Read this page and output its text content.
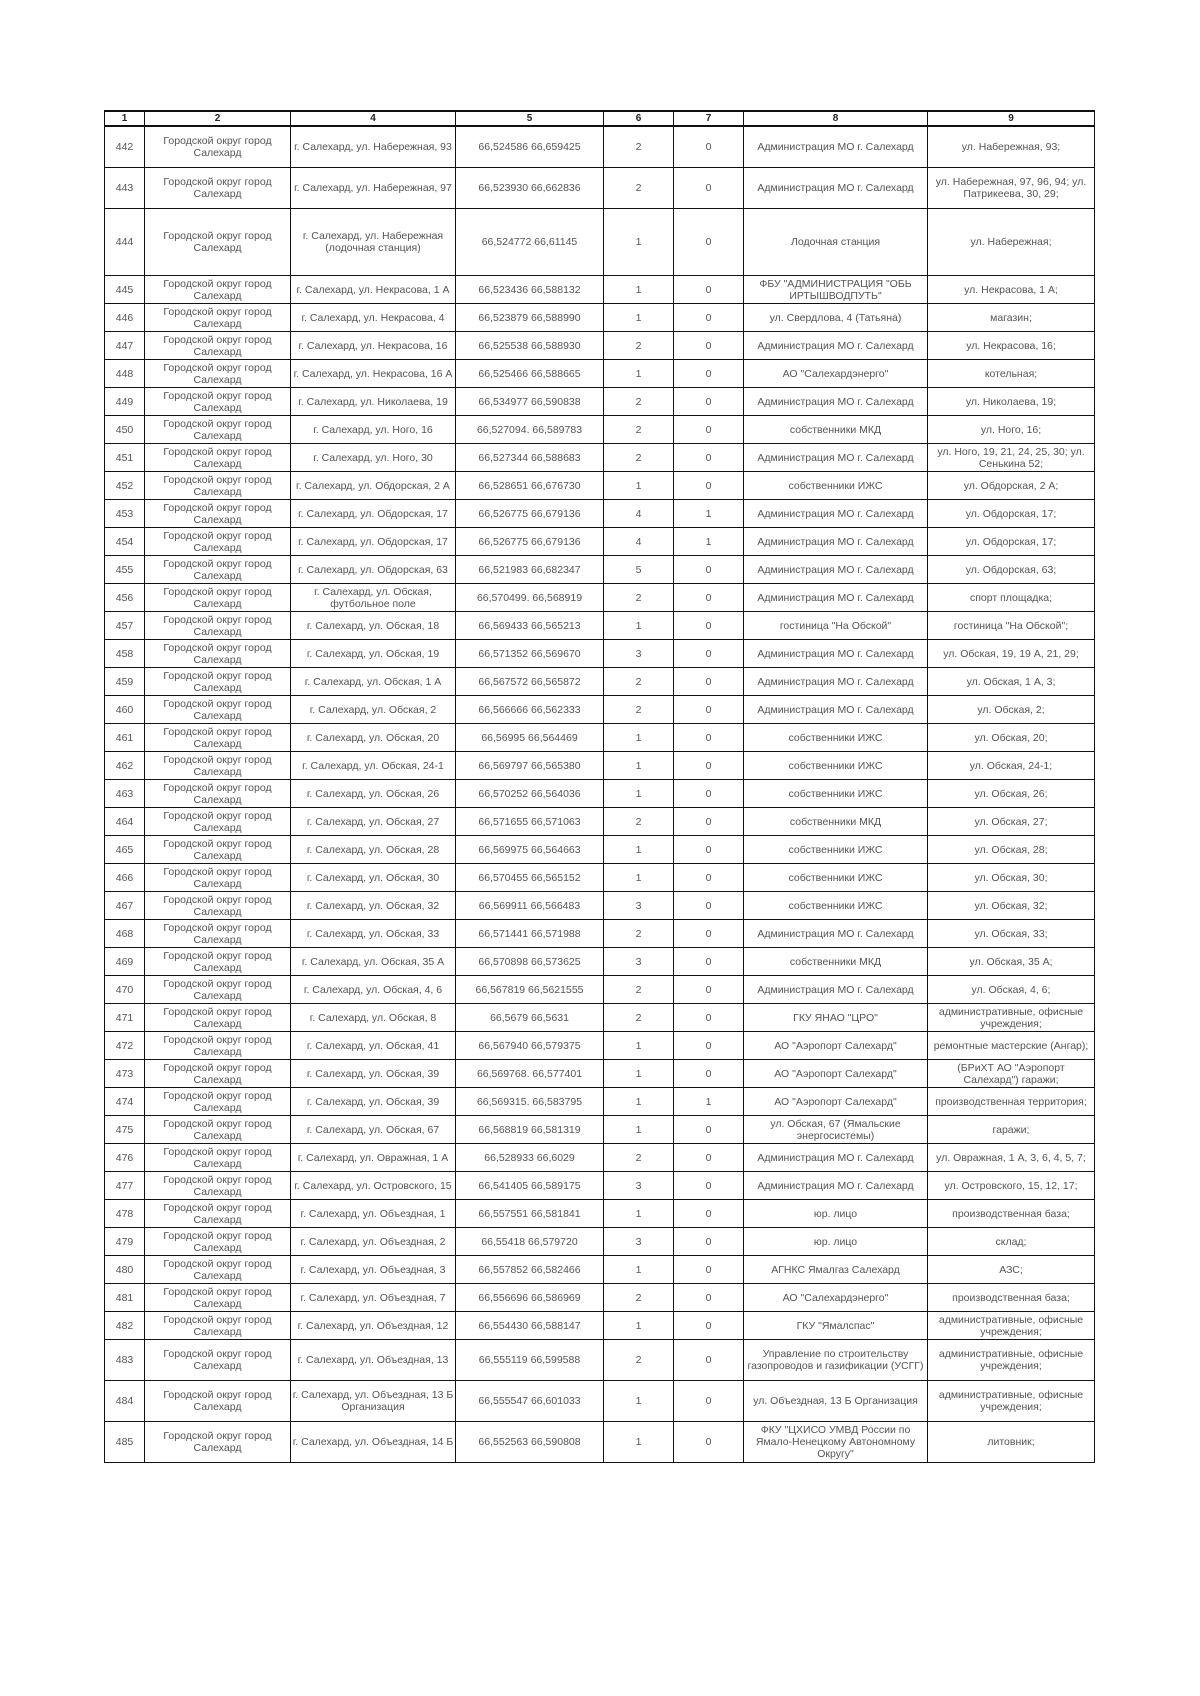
1	2	4	5	6	7	8	9
442	Городской округ город Салехард	г. Салехард, ул. Набережная, 93	66,524586 66,659425	2	0	Администрация МО г. Салехард	ул. Набережная, 93;
443	Городской округ город Салехард	г. Салехард, ул. Набережная, 97	66,523930 66,662836	2	0	Администрация МО г. Салехард	ул. Набережная, 97, 96, 94; ул. Патрикеева, 30, 29;
444	Городской округ город Салехард	г. Салехард, ул. Набережная (лодочная станция)	66,524772 66,61145	1	0	Лодочная станция	ул. Набережная;
445	Городской округ город Салехард	г. Салехард, ул. Некрасова, 1 А	66,523436 66,588132	1	0	ФБУ "АДМИНИСТРАЦИЯ "ОБЬ ИРТЫШВОДПУТЬ"	ул. Некрасова, 1 А;
446	Городской округ город Салехард	г. Салехард, ул. Некрасова, 4	66,523879 66,588990	1	0	ул. Свердлова, 4 (Татьяна)	магазин;
447	Городской округ город Салехард	г. Салехард, ул. Некрасова, 16	66,525538 66,588930	2	0	Администрация МО г. Салехард	ул. Некрасова, 16;
448	Городской округ город Салехард	г. Салехард, ул. Некрасова, 16 А	66,525466 66,588665	1	0	АО "Салехардэнерго"	котельная;
449	Городской округ город Салехард	г. Салехард, ул. Николаева, 19	66,534977 66,590838	2	0	Администрация МО г. Салехард	ул. Николаева, 19;
450	Городской округ город Салехард	г. Салехард, ул. Ного, 16	66,527094. 66,589783	2	0	собственники МКД	ул. Ного, 16;
451	Городской округ город Салехард	г. Салехард, ул. Ного, 30	66,527344 66,588683	2	0	Администрация МО г. Салехард	ул. Ного, 19, 21, 24, 25, 30; ул. Сенькина 52;
452	Городской округ город Салехард	г. Салехард, ул. Обдорская, 2 А	66,528651 66,676730	1	0	собственники ИЖС	ул. Обдорская, 2 А;
453	Городской округ город Салехард	г. Салехард, ул. Обдорская, 17	66,526775 66,679136	4	1	Администрация МО г. Салехард	ул. Обдорская, 17;
454	Городской округ город Салехард	г. Салехард, ул. Обдорская, 17	66,526775 66,679136	4	1	Администрация МО г. Салехард	ул. Обдорская, 17;
455	Городской округ город Салехард	г. Салехард, ул. Обдорская, 63	66,521983 66,682347	5	0	Администрация МО г. Салехард	ул. Обдорская, 63;
456	Городской округ город Салехард	г. Салехард, ул. Обская, футбольное поле	66,570499. 66,568919	2	0	Администрация МО г. Салехард	спорт площадка;
457	Городской округ город Салехард	г. Салехард, ул. Обская, 18	66,569433 66,565213	1	0	гостиница "На Обской"	гостиница "На Обской";
458	Городской округ город Салехард	г. Салехард, ул. Обская, 19	66,571352 66,569670	3	0	Администрация МО г. Салехард	ул. Обская, 19, 19 А, 21, 29;
459	Городской округ город Салехард	г. Салехард, ул. Обская, 1 А	66,567572 66,565872	2	0	Администрация МО г. Салехард	ул. Обская, 1 А, 3;
460	Городской округ город Салехард	г. Салехард, ул. Обская, 2	66,566666 66,562333	2	0	Администрация МО г. Салехард	ул. Обская, 2;
461	Городской округ город Салехард	г. Салехард, ул. Обская, 20	66,56995 66,564469	1	0	собственники ИЖС	ул. Обская, 20;
462	Городской округ город Салехард	г. Салехард, ул. Обская, 24-1	66,569797 66,565380	1	0	собственники ИЖС	ул. Обская, 24-1;
463	Городской округ город Салехард	г. Салехард, ул. Обская, 26	66,570252 66,564036	1	0	собственники ИЖС	ул. Обская, 26;
464	Городской округ город Салехард	г. Салехард, ул. Обская, 27	66,571655 66,571063	2	0	собственники МКД	ул. Обская, 27;
465	Городской округ город Салехард	г. Салехард, ул. Обская, 28	66,569975 66,564663	1	0	собственники ИЖС	ул. Обская, 28;
466	Городской округ город Салехард	г. Салехард, ул. Обская, 30	66,570455 66,565152	1	0	собственники ИЖС	ул. Обская, 30;
467	Городской округ город Салехард	г. Салехард, ул. Обская, 32	66,569911 66,566483	3	0	собственники ИЖС	ул. Обская, 32;
468	Городской округ город Салехард	г. Салехард, ул. Обская, 33	66,571441 66,571988	2	0	Администрация МО г. Салехард	ул. Обская, 33;
469	Городской округ город Салехард	г. Салехард, ул. Обская, 35 А	66,570898 66,573625	3	0	собственники МКД	ул. Обская, 35 А;
470	Городской округ город Салехард	г. Салехард, ул. Обская, 4, 6	66,567819 66,5621555	2	0	Администрация МО г. Салехард	ул. Обская, 4, 6;
471	Городской округ город Салехард	г. Салехард, ул. Обская, 8	66,5679 66,5631	2	0	ГКУ ЯНАО "ЦРО"	административные, офисные учреждения;
472	Городской округ город Салехард	г. Салехард, ул. Обская, 41	66,567940 66,579375	1	0	АО "Аэропорт Салехард"	ремонтные мастерские (Ангар);
473	Городской округ город Салехард	г. Салехард, ул. Обская, 39	66,569768. 66,577401	1	0	АО "Аэропорт Салехард"	(БРиХТ АО "Аэропорт Салехард") гаражи;
474	Городской округ город Салехард	г. Салехард, ул. Обская, 39	66,569315. 66,583795	1	1	АО "Аэропорт Салехард"	производственная территория;
475	Городской округ город Салехард	г. Салехард, ул. Обская, 67	66,568819 66,581319	1	0	ул. Обская, 67 (Ямальские энергосистемы)	гаражи;
476	Городской округ город Салехард	г. Салехард, ул. Овражная, 1 А	66,528933 66,6029	2	0	Администрация МО г. Салехард	ул. Овражная, 1 А, 3, 6, 4, 5, 7;
477	Городской округ город Салехард	г. Салехард, ул. Островского, 15	66,541405 66,589175	3	0	Администрация МО г. Салехард	ул. Островского, 15, 12, 17;
478	Городской округ город Салехард	г. Салехард, ул. Объездная, 1	66,557551 66,581841	1	0	юр. лицо	производственная база;
479	Городской округ город Салехард	г. Салехард, ул. Объездная, 2	66,55418 66,579720	3	0	юр. лицо	склад;
480	Городской округ город Салехард	г. Салехард, ул. Объездная, 3	66,557852 66,582466	1	0	АГНКС Ямалгаз Салехард	АЗС;
481	Городской округ город Салехард	г. Салехард, ул. Объездная, 7	66,556696 66,586969	2	0	АО "Салехардэнерго"	производственная база;
482	Городской округ город Салехард	г. Салехард, ул. Объездная, 12	66,554430 66,588147	1	0	ГКУ "Ямалспас"	административные, офисные учреждения;
483	Городской округ город Салехард	г. Салехард, ул. Объездная, 13	66,555119 66,599588	2	0	Управление по строительству газопроводов и газификации (УСГГ)	административные, офисные учреждения;
484	Городской округ город Салехард	г. Салехард, ул. Объездная, 13 Б Организация	66,555547 66,601033	1	0	ул. Объездная, 13 Б Организация	административные, офисные учреждения;
485	Городской округ город Салехард	г. Салехард, ул. Объездная, 14 Б	66,552563 66,590808	1	0	ФКУ "ЦХИСО УМВД России по Ямало-Ненецкому Автономному Округу"	литовник;
